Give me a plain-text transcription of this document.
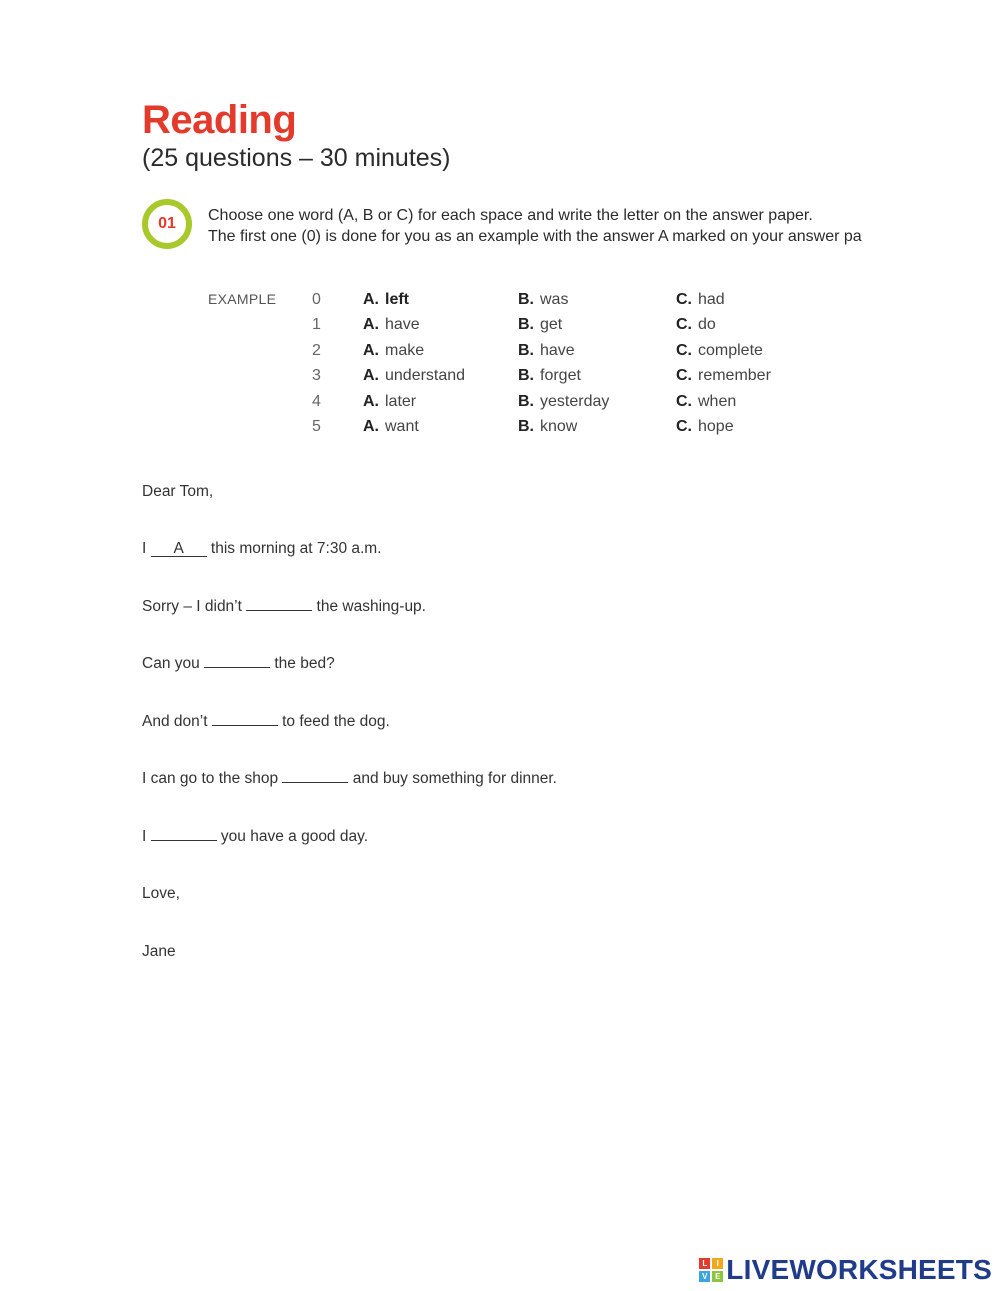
Reading
(25 questions – 30 minutes)
01 Choose one word (A, B or C) for each space and write the letter on the answer paper.
The first one (0) is done for you as an example with the answer A marked on your answer pa
EXAMPLE 0	A. left	B. was	C. had
1	A. have	B. get	C. do
2	A. make	B. have	C. complete
3	A. understand	B. forget	C. remember
4	A. later	B. yesterday	C. when
5	A. want	B. know	C. hope
Dear Tom,
I A this morning at 7:30 a.m.
Sorry – I didn’t	the washing-up.
Can you	the bed?
And don’t	to feed the dog.
I can go to the shop	and buy something for dinner.
I	you have a good day.
Love,
Jane
L	I
V E LIVEWORKSHEETS
